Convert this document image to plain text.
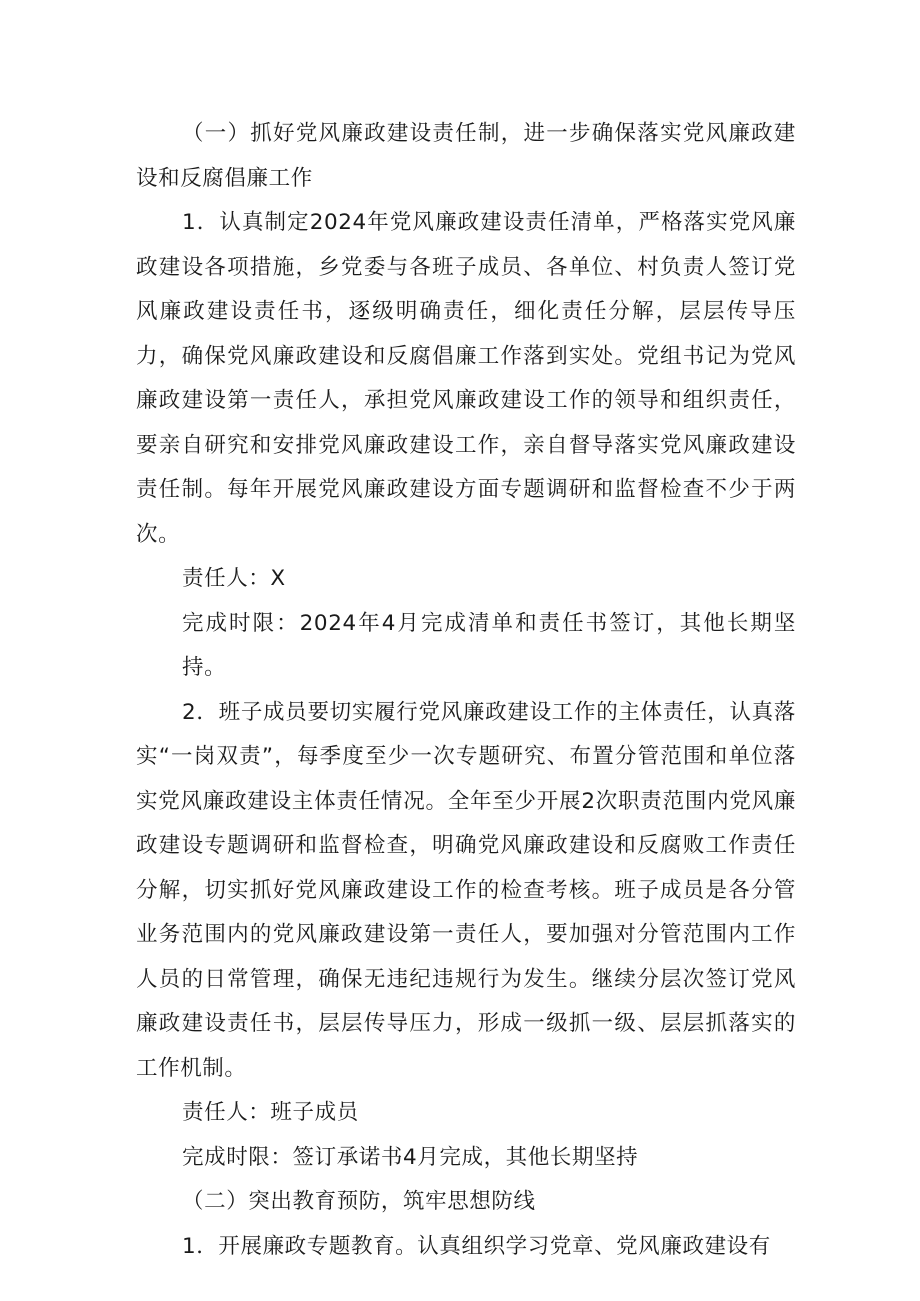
（一）抓好党风廉政建设责任制，进一步确保落实党风廉政建设和反腐倡廉工作

1．认真制定2024年党风廉政建设责任清单，严格落实党风廉政建设各项措施，乡党委与各班子成员、各单位、村负责人签订党风廉政建设责任书，逐级明确责任，细化责任分解，层层传导压力，确保党风廉政建设和反腐倡廉工作落到实处。党组书记为党风廉政建设第一责任人，承担党风廉政建设工作的领导和组织责任，要亲自研究和安排党风廉政建设工作，亲自督导落实党风廉政建设责任制。每年开展党风廉政建设方面专题调研和监督检查不少于两次。

责任人：X

完成时限：2024年4月完成清单和责任书签订，其他长期坚持。

2．班子成员要切实履行党风廉政建设工作的主体责任，认真落实“一岗双责”，每季度至少一次专题研究、布置分管范围和单位落实党风廉政建设主体责任情况。全年至少开展2次职责范围内党风廉政建设专题调研和监督检查，明确党风廉政建设和反腐败工作责任分解，切实抓好党风廉政建设工作的检查考核。班子成员是各分管业务范围内的党风廉政建设第一责任人，要加强对分管范围内工作人员的日常管理，确保无违纪违规行为发生。继续分层次签订党风廉政建设责任书，层层传导压力，形成一级抓一级、层层抓落实的工作机制。

责任人：班子成员

完成时限：签订承诺书4月完成，其他长期坚持

（二）突出教育预防，筑牢思想防线

1．开展廉政专题教育。认真组织学习党章、党风廉政建设有
